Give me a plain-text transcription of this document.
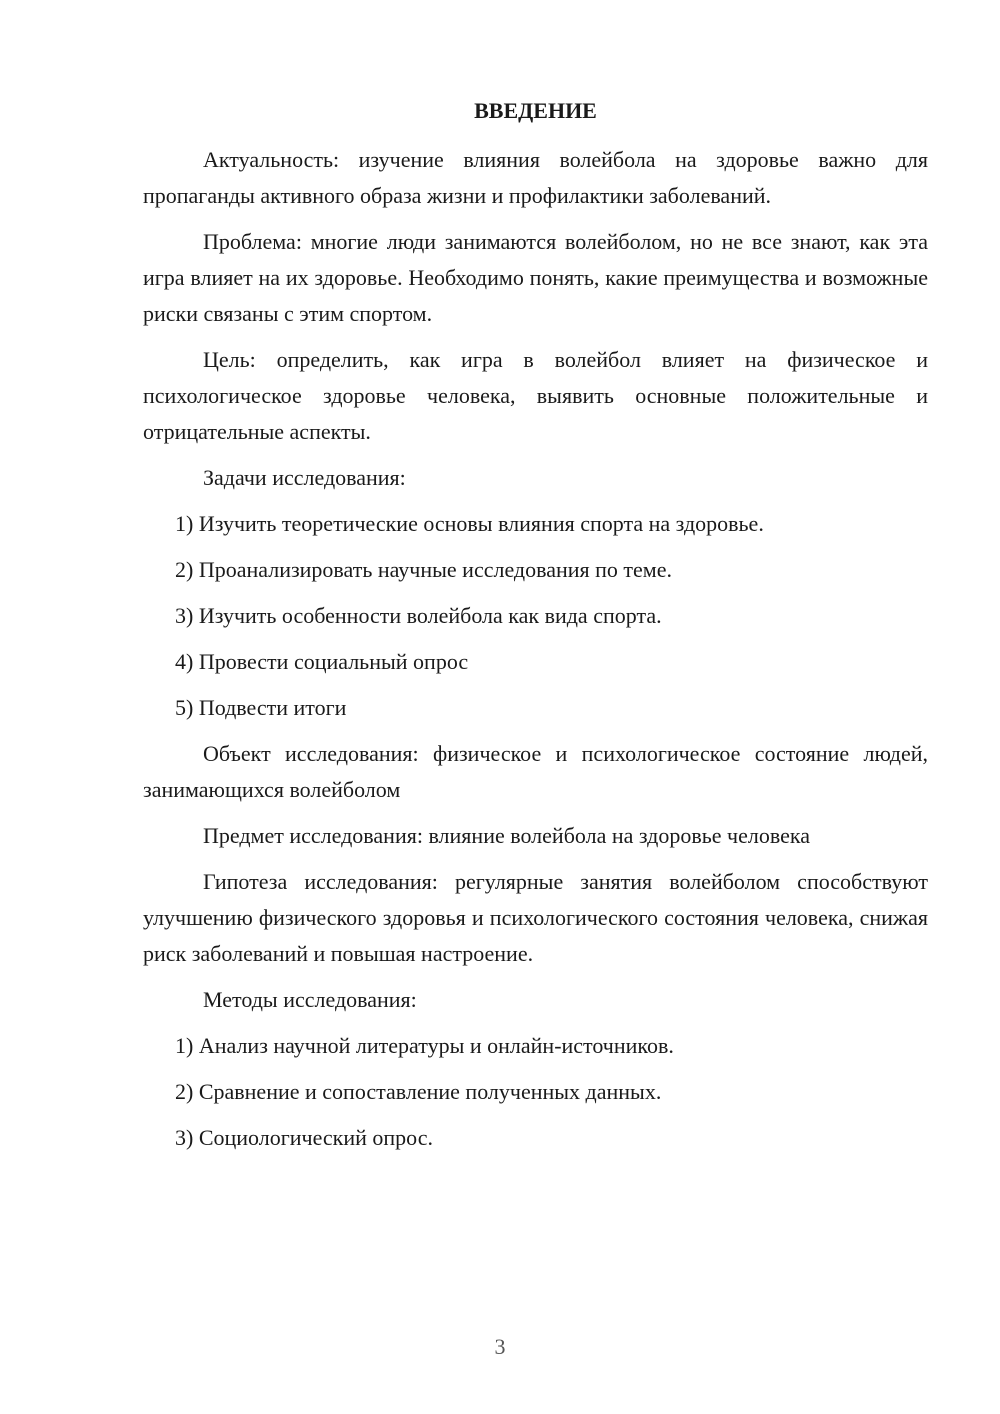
ВВЕДЕНИЕ

Актуальность: изучение влияния волейбола на здоровье важно для пропаганды активного образа жизни и профилактики заболеваний.

Проблема: многие люди занимаются волейболом, но не все знают, как эта игра влияет на их здоровье. Необходимо понять, какие преимущества и возможные риски связаны с этим спортом.

Цель: определить, как игра в волейбол влияет на физическое и психологическое здоровье человека, выявить основные положительные и отрицательные аспекты.

Задачи исследования:

1) Изучить теоретические основы влияния спорта на здоровье.
2) Проанализировать научные исследования по теме.
3) Изучить особенности волейбола как вида спорта.
4) Провести социальный опрос
5) Подвести итоги

Объект исследования: физическое и психологическое состояние людей, занимающихся волейболом

Предмет исследования: влияние волейбола на здоровье человека

Гипотеза исследования: регулярные занятия волейболом способствуют улучшению физического здоровья и психологического состояния человека, снижая риск заболеваний и повышая настроение.

Методы исследования:

1) Анализ научной литературы и онлайн-источников.
2) Сравнение и сопоставление полученных данных.
3) Социологический опрос.
3
